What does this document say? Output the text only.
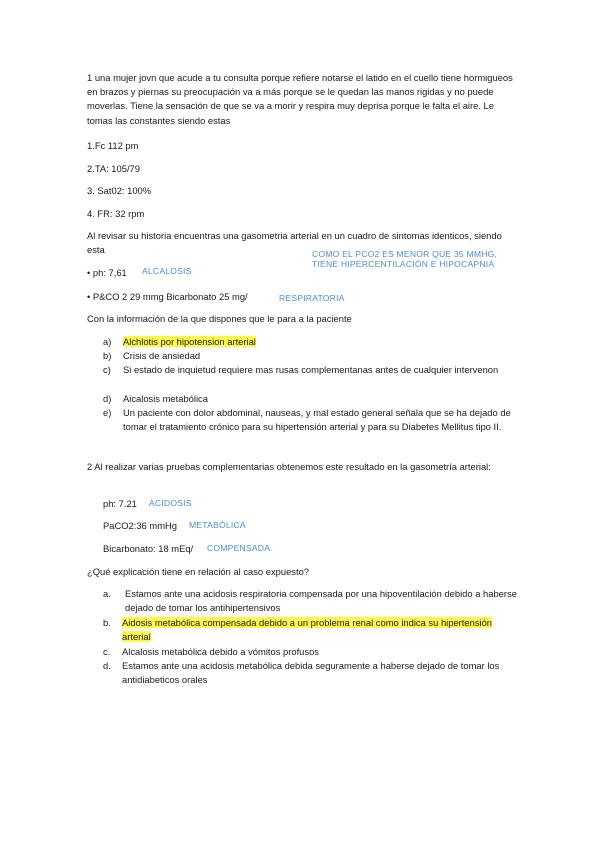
1 una mujer jovn que acude a tu consulta porque refiere notarse el latido en el cuello tiene hormigueos en brazos y piernas su preocupación va a más porque se le quedan las manos rigidas y no puede moverlas. Tiene la sensación de que se va a morir y respira muy deprisa porque le falta el aire. Le tomas las constantes siendo estas

1.Fc 112 pm

2.TA: 105/79

3. Sat02: 100%

4. FR: 32 rpm

Al revisar su historia encuentras una gasometria arterial en un cuadro de sintomas identicos, siendo esta	COMO EL PCO2 ES MENOR QUE 35 MMHG,
TIENE HIPERCENTILACIÓN E HIPOCAPNIA

• ph: 7,61	ALCALOSIS

• P&CO 2 29 mmg Bicarbonato 25 mg/	RESPIRATORIA

Con la información de la que dispones que le para a la paciente

a) Alchlotis por hipotension arterial
b) Crisis de ansiedad
c) Si estado de inquietud requiere mas rusas complementanas antes de cualquier intervenon
d) Aicalosis metabólica
e) Un paciente con dolor abdominal, nauseas, y mal estado general señala que se ha dejado de tomar el tratamiento crónico para su hipertensión arterial y para su Diabetes Mellitus tipo II.

2 Al realizar varias pruebas complementarias obtenemos este resultado en la gasometría arterial:

ph: 7.21	ACIDOSIS

PaCO2:36 mmHg	METABÓLICA

Bicarbonato: 18 mEq/	COMPENSADA

¿Qué explicación tiene en relación al caso expuesto?

a. Estamos ante una acidosis respiratoria compensada por una hipoventilación debido a haberse dejado de tomar los antihipertensivos
b. Aidosis metabólica compensada debido a un problema renal como indica su hipertensión arterial
c. Alcalosis metabólica debido a vómitos profusos
d. Estamos ante una acidosis metabólica debida seguramente a haberse dejado de tomar los antidiabeticos orales
